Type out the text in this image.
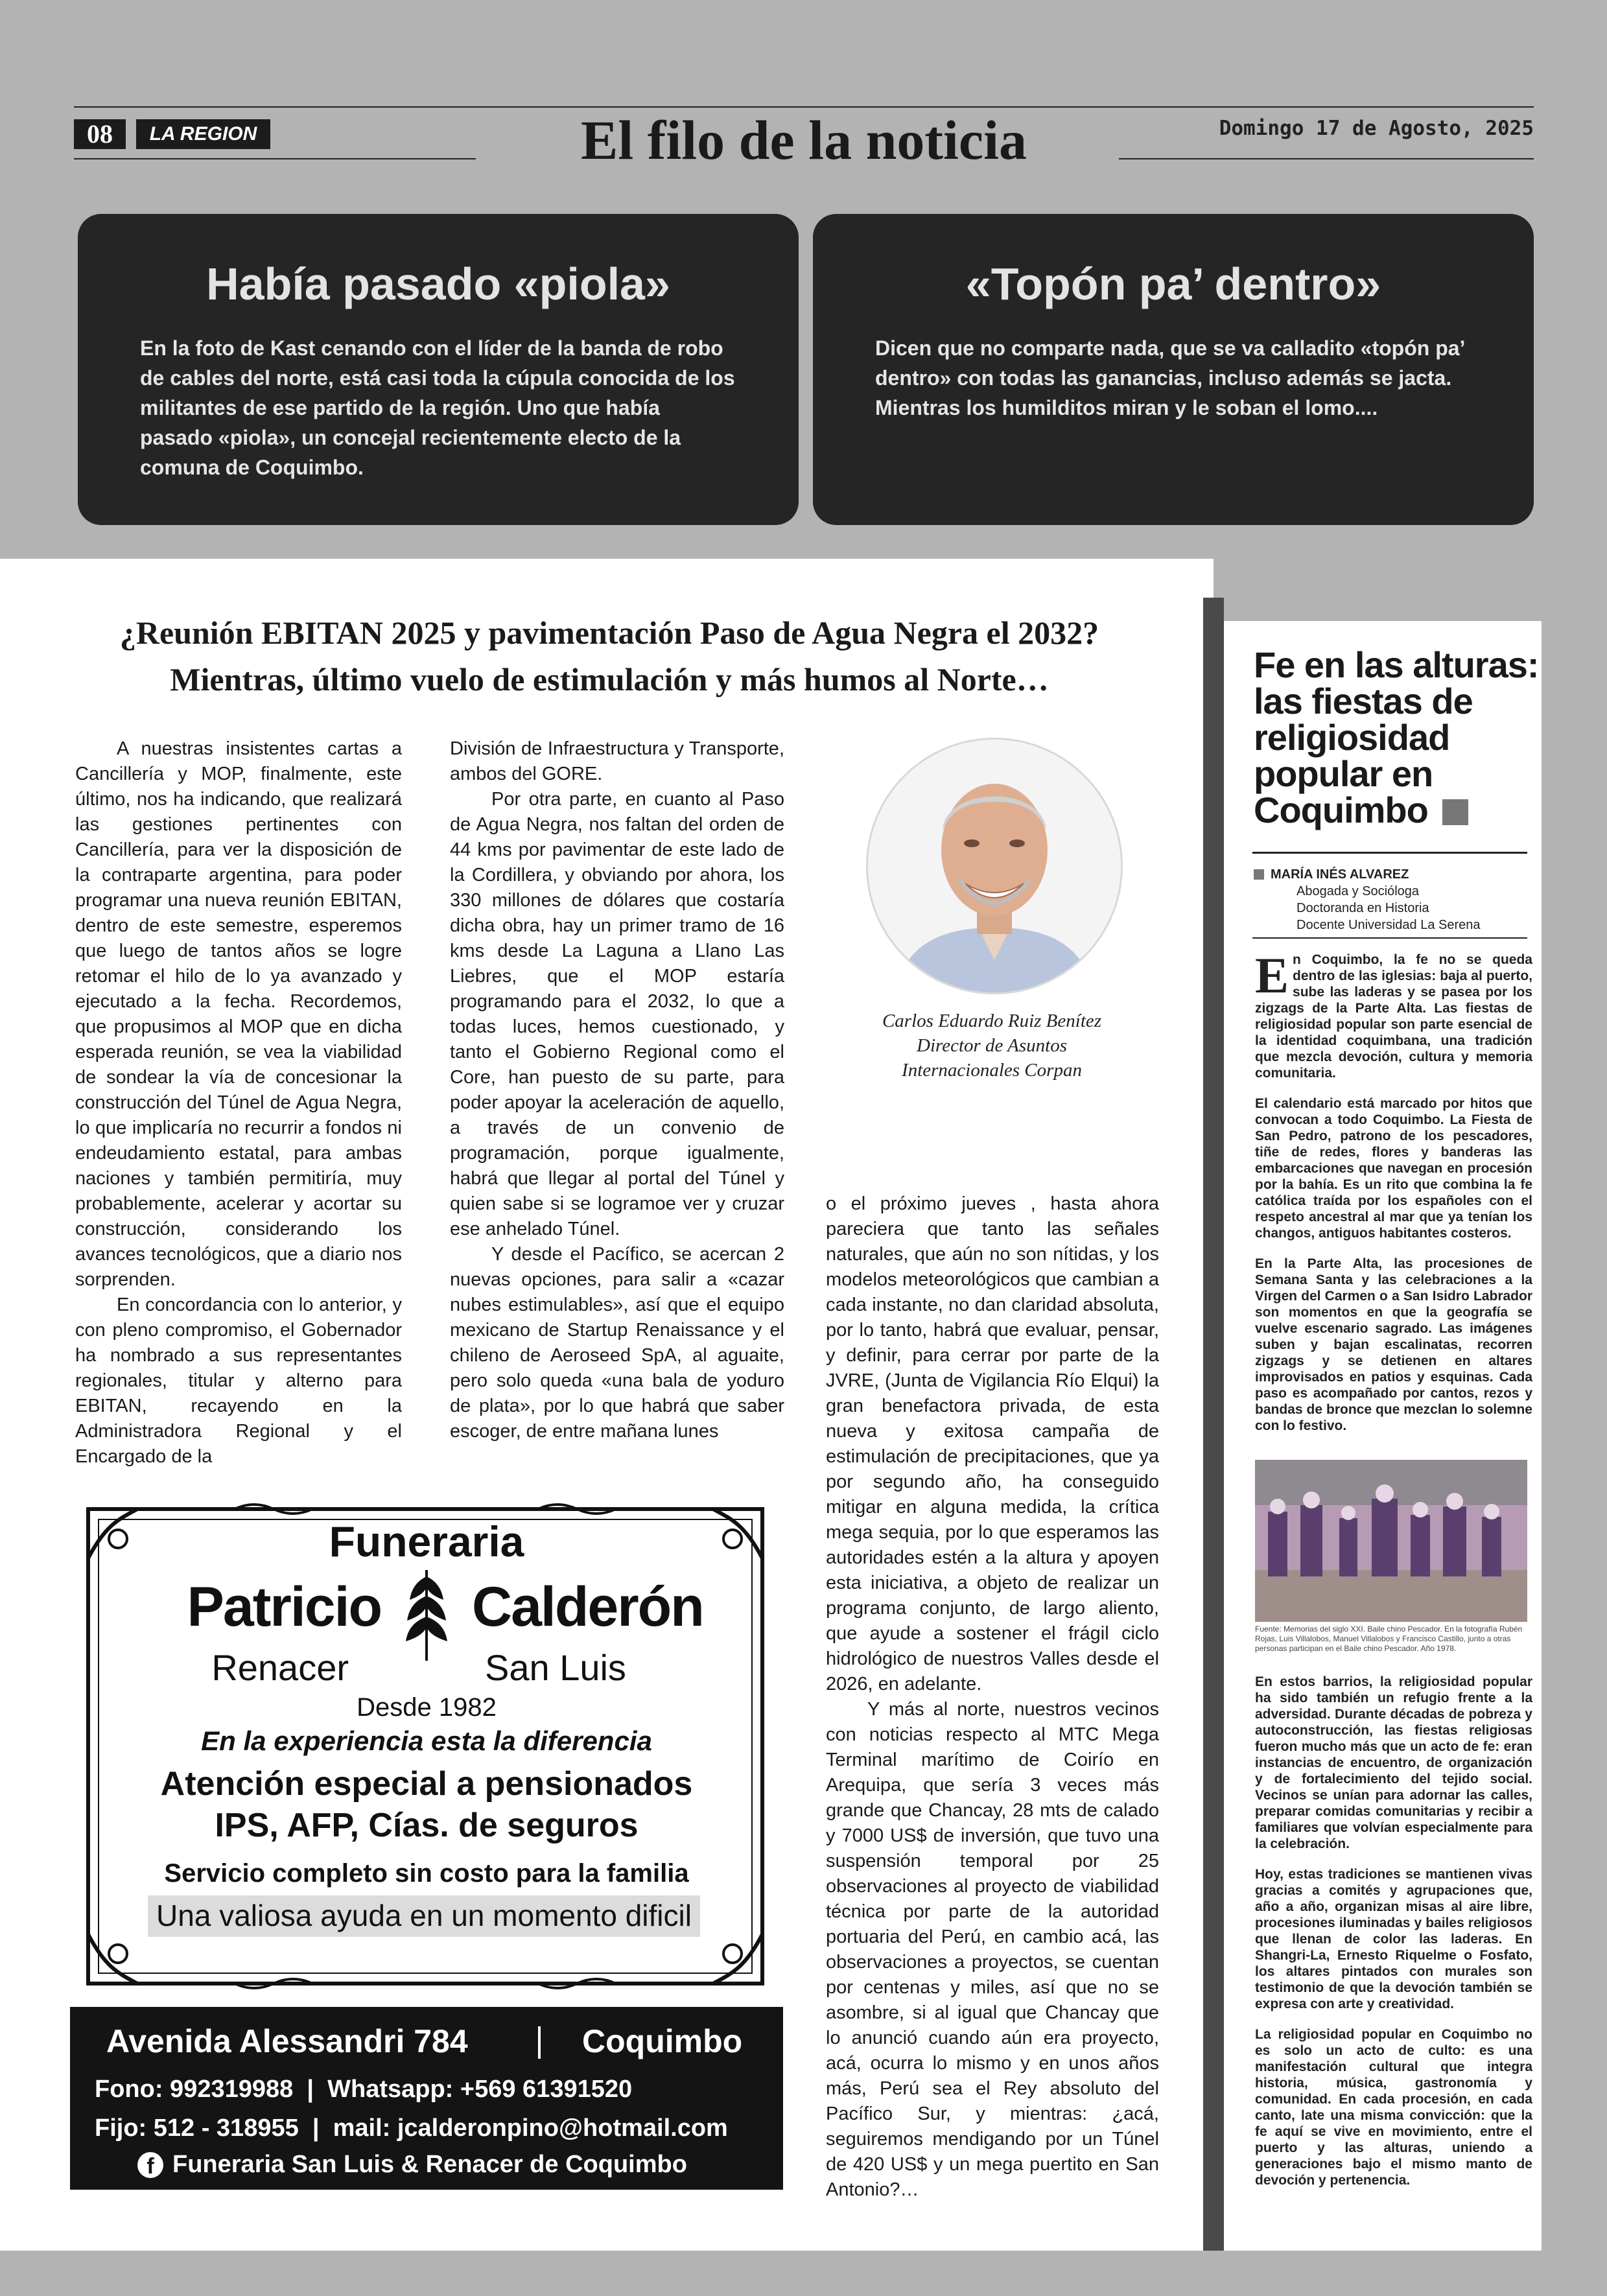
08	LA REGION	El filo de la noticia	Domingo 17 de Agosto, 2025
Había pasado «piola»

En la foto de Kast cenando con el líder de la banda de robo de cables del norte, está casi toda la cúpula conocida de los militantes de ese partido de la región. Uno que había pasado «piola», un concejal recientemente electo de la comuna de Coquimbo.

«Topón pa’ dentro»

Dicen que no comparte nada, que se va calladito «topón pa’ dentro» con todas las ganancias, incluso además se jacta. Mientras los humilditos miran y le soban el lomo....

¿Reunión EBITAN 2025 y pavimentación Paso de Agua Negra el 2032?
Mientras, último vuelo de estimulación y más humos al Norte…

A nuestras insistentes cartas a Cancillería y MOP, finalmente, este último, nos ha indicando, que realizará las gestiones pertinentes con Cancillería, para ver la disposición de la contraparte argentina, para poder programar una nueva reunión EBITAN, dentro de este semestre, esperemos que luego de tantos años se logre retomar el hilo de lo ya avanzado y ejecutado a la fecha. Recordemos, que propusimos al MOP que en dicha esperada reunión, se vea la viabilidad de sondear la vía de concesionar la construcción del Túnel de Agua Negra, lo que implicaría no recurrir a fondos ni endeudamiento estatal, para ambas naciones y también permitiría, muy probablemente, acelerar y acortar su construcción, considerando los avances tecnológicos, que a diario nos sorprenden.

En concordancia con lo anterior, y con pleno compromiso, el Gobernador ha nombrado a sus representantes regionales, titular y alterno para EBITAN, recayendo en la Administradora Regional y el Encargado de la

División de Infraestructura y Transporte, ambos del GORE.

Por otra parte, en cuanto al Paso de Agua Negra, nos faltan del orden de 44 kms por pavimentar de este lado de la Cordillera, y obviando por ahora, los 330 millones de dólares que costaría dicha obra, hay un primer tramo de 16 kms desde La Laguna a Llano Las Liebres, que el MOP estaría programando para el 2032, lo que a todas luces, hemos cuestionado, y tanto el Gobierno Regional como el Core, han puesto de su parte, para poder apoyar la aceleración de aquello, a través de un convenio de programación, porque igualmente, habrá que llegar al portal del Túnel y quien sabe si se logramoe ver y cruzar ese anhelado Túnel.

Y desde el Pacífico, se acercan 2 nuevas opciones, para salir a «cazar nubes estimulables», así que el equipo mexicano de Startup Renaissance y el chileno de Aeroseed SpA, al aguaite, pero solo queda «una bala de yoduro de plata», por lo que habrá que saber escoger, de entre mañana lunes

Carlos Eduardo Ruiz Benítez
Director de Asuntos
Internacionales Corpan

o el próximo jueves , hasta ahora pareciera que tanto las señales naturales, que aún no son nítidas, y los modelos meteorológicos que cambian a cada instante, no dan claridad absoluta, por lo tanto, habrá que evaluar, pensar, y definir, para cerrar por parte de la JVRE, (Junta de Vigilancia Río Elqui) la gran benefactora privada, de esta nueva y exitosa campaña de estimulación de precipitaciones, que ya por segundo año, ha conseguido mitigar en alguna medida, la crítica mega sequia, por lo que esperamos las autoridades estén a la altura y apoyen esta iniciativa, a objeto de realizar un programa conjunto, de largo aliento, que ayude a sostener el frágil ciclo hidrológico de nuestros Valles desde el 2026, en adelante.

Y más al norte, nuestros vecinos con noticias respecto al MTC Mega Terminal marítimo de Coirío en Arequipa, que sería 3 veces más grande que Chancay, 28 mts de calado y 7000 US$ de inversión, que tuvo una suspensión temporal por 25 observaciones al proyecto de viabilidad técnica por parte de la autoridad portuaria del Perú, en cambio acá, las observaciones a proyectos, se cuentan por centenas y miles, así que no se asombre, si al igual que Chancay que lo anunció cuando aún era proyecto, acá, ocurra lo mismo y en unos años más, Perú sea el Rey absoluto del Pacífico Sur, y mientras: ¿acá, seguiremos mendigando por un Túnel de 420 US$ y un mega puertito en San Antonio?…

Funeraria
Patricio Calderón
Renacer	San Luis
Desde 1982
En la experiencia esta la diferencia
Atención especial a pensionados
IPS, AFP, Cías. de seguros
Servicio completo sin costo para la familia
Una valiosa ayuda en un momento dificil
Avenida Alessandri 784	Coquimbo
Fono: 992319988  |  Whatsapp: +569 61391520
Fijo: 512 - 318955  |  mail: jcalderonpino@hotmail.com
f Funeraria San Luis & Renacer de Coquimbo
Fe en las alturas: las fiestas de religiosidad popular en Coquimbo
MARÍA INÉS ALVAREZ
Abogada y Socióloga
Doctoranda en Historia
Docente Universidad La Serena

En Coquimbo, la fe no se queda dentro de las iglesias: baja al puerto, sube las laderas y se pasea por los zigzags de la Parte Alta. Las fiestas de religiosidad popular son parte esencial de la identidad coquimbana, una tradición que mezcla devoción, cultura y memoria comunitaria.

El calendario está marcado por hitos que convocan a todo Coquimbo. La Fiesta de San Pedro, patrono de los pescadores, tiñe de redes, flores y banderas las embarcaciones que navegan en procesión por la bahía. Es un rito que combina la fe católica traída por los españoles con el respeto ancestral al mar que ya tenían los changos, antiguos habitantes costeros.

En la Parte Alta, las procesiones de Semana Santa y las celebraciones a la Virgen del Carmen o a San Isidro Labrador son momentos en que la geografía se vuelve escenario sagrado. Las imágenes suben y bajan escalinatas, recorren zigzags y se detienen en altares improvisados en patios y esquinas. Cada paso es acompañado por cantos, rezos y bandas de bronce que mezclan lo solemne con lo festivo.

Fuente: Memorias del siglo XXI. Baile chino Pescador. En la fotografía Rubén Rojas, Luis Villalobos, Manuel Villalobos y Francisco Castillo, junto a otras personas participan en el Baile chino Pescador. Año 1978.

En estos barrios, la religiosidad popular ha sido también un refugio frente a la adversidad. Durante décadas de pobreza y autoconstrucción, las fiestas religiosas fueron mucho más que un acto de fe: eran instancias de encuentro, de organización y de fortalecimiento del tejido social. Vecinos se unían para adornar las calles, preparar comidas comunitarias y recibir a familiares que volvían especialmente para la celebración.

Hoy, estas tradiciones se mantienen vivas gracias a comités y agrupaciones que, año a año, organizan misas al aire libre, procesiones iluminadas y bailes religiosos que llenan de color las laderas. En Shangri-La, Ernesto Riquelme o Fosfato, los altares pintados con murales son testimonio de que la devoción también se expresa con arte y creatividad.

La religiosidad popular en Coquimbo no es solo un acto de culto: es una manifestación cultural que integra historia, música, gastronomía y comunidad. En cada procesión, en cada canto, late una misma convicción: que la fe aquí se vive en movimiento, entre el puerto y las alturas, uniendo a generaciones bajo el mismo manto de devoción y pertenencia.
